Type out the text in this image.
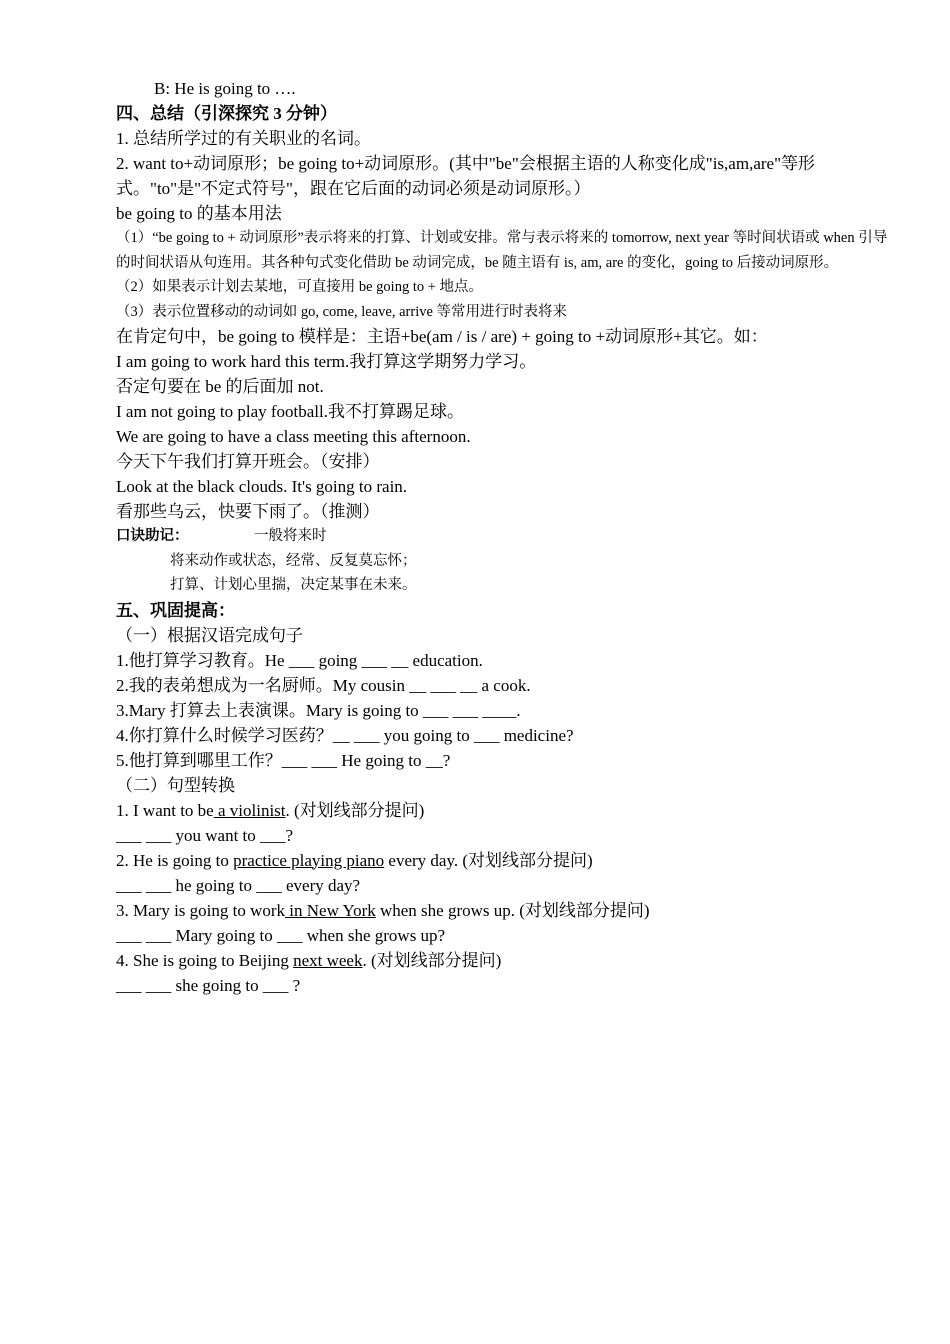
B: He is going to ….
四、总结（引深探究 3 分钟）
1. 总结所学过的有关职业的名词。
2. want to+动词原形；be going to+动词原形。(其中"be"会根据主语的人称变化成"is,am,are"等形式。"to"是"不定式符号"，跟在它后面的动词必须是动词原形。）
be going to 的基本用法
（1）“be going to + 动词原形”表示将来的打算、计划或安排。常与表示将来的 tomorrow, next year 等时间状语或 when 引导的时间状语从句连用。其各种句式变化借助 be 动词完成，be 随主语有 is, am, are 的变化，going to 后接动词原形。
（2）如果表示计划去某地，可直接用 be going to + 地点。
（3）表示位置移动的动词如 go, come, leave, arrive 等常用进行时表将来
在肯定句中，be going to 模样是：主语+be(am / is / are) + going to +动词原形+其它。如：
I am going to work hard this term.我打算这学期努力学习。
否定句要在 be 的后面加 not.
I am not going to play football.我不打算踢足球。
We are going to have a class meeting this afternoon.
今天下午我们打算开班会。（安排）
Look at the black clouds. It's going to rain.
看那些乌云，快要下雨了。（推测）
口诀助记：	一般将来时
将来动作或状态，经常、反复莫忘怀；
打算、计划心里揣，决定某事在未来。
五、巩固提高：
（一）根据汉语完成句子
1.他打算学习教育。He ___ going ___ __ education.
2.我的表弟想成为一名厨师。My cousin __ ___ __ a cook.
3.Mary 打算去上表演课。Mary is going to ___ ___ ____.
4.你打算什么时候学习医药？__ ___ you going to ___ medicine?
5.他打算到哪里工作？___ ___ He going to __?
（二）句型转换
1. I want to be a violinist. (对划线部分提问)
___ ___ you want to ___?
2. He is going to practice playing piano every day. (对划线部分提问)
___ ___ he going to ___ every day?
3. Mary is going to work in New York when she grows up. (对划线部分提问)
___ ___ Mary going to ___ when she grows up?
4. She is going to Beijing next week. (对划线部分提问)
___ ___ she going to ___ ?
